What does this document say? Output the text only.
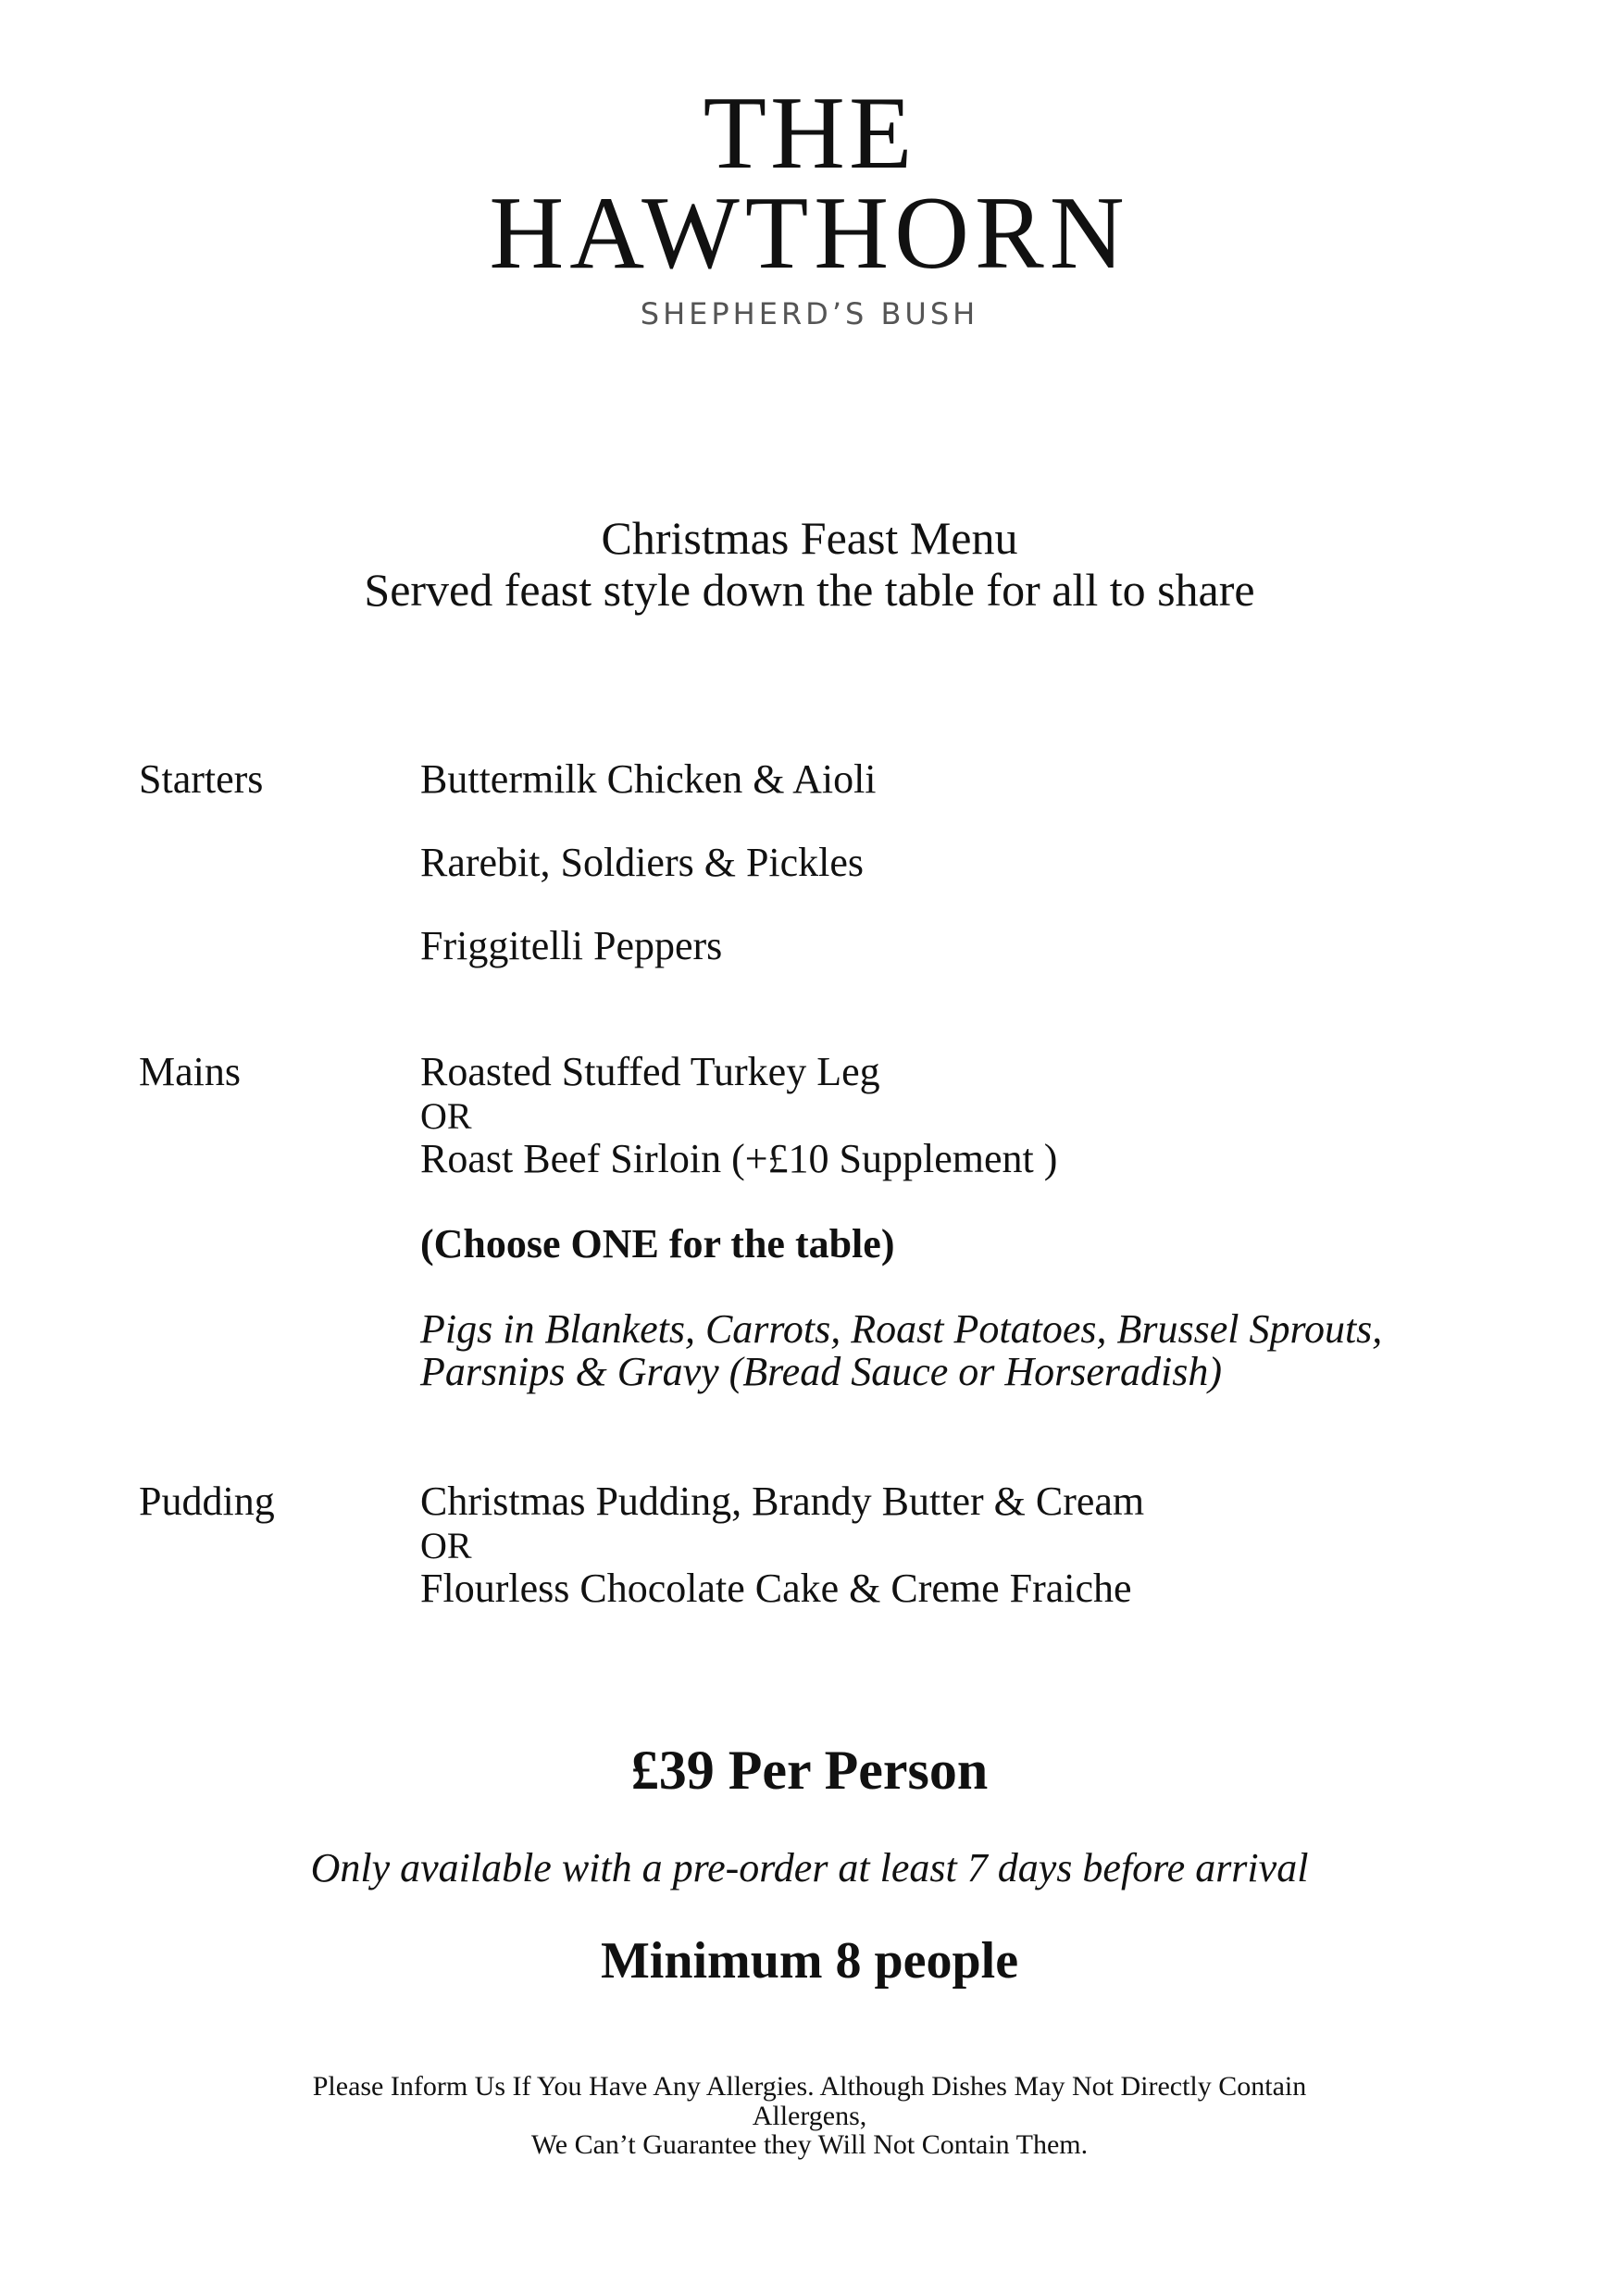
THE
HAWTHORN
SHEPHERD’S BUSH
Christmas Feast Menu
Served feast style down the table for all to share
Starters	Buttermilk Chicken & Aioli
Rarebit, Soldiers & Pickles
Friggitelli Peppers
Mains	Roasted Stuffed Turkey Leg
OR
Roast Beef Sirloin (+£10 Supplement )
(Choose ONE for the table)
Pigs in Blankets, Carrots, Roast Potatoes, Brussel Sprouts,
Parsnips & Gravy (Bread Sauce or Horseradish)
Pudding	Christmas Pudding, Brandy Butter & Cream
OR
Flourless Chocolate Cake & Creme Fraiche
£39 Per Person
Only available with a pre-order at least 7 days before arrival
Minimum 8 people
Please Inform Us If You Have Any Allergies. Although Dishes May Not Directly Contain
Allergens,
We Can’t Guarantee they Will Not Contain Them.
